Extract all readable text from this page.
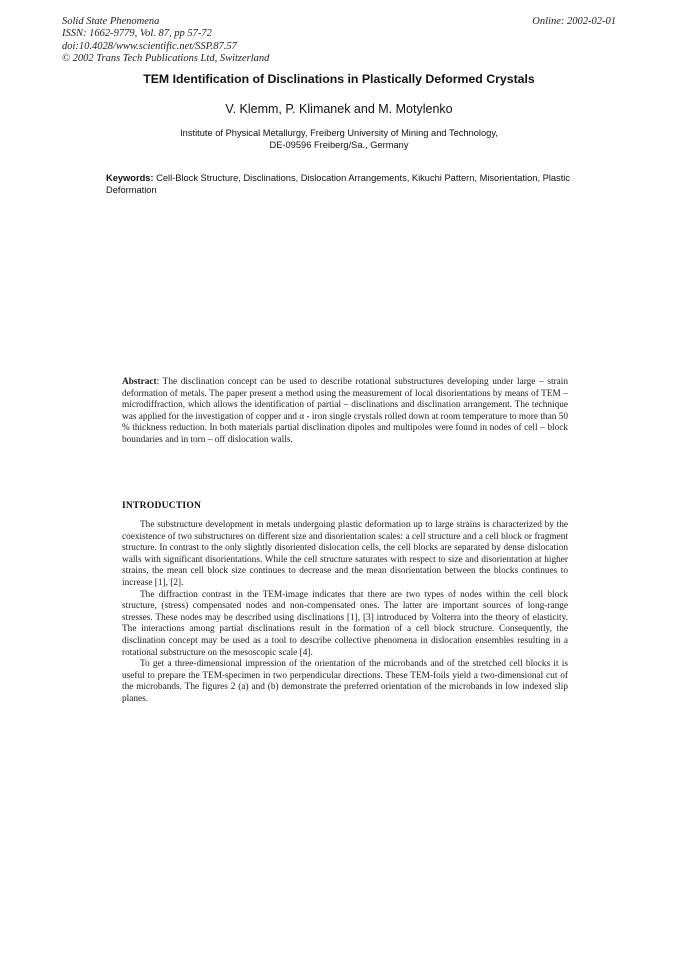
Solid State Phenomena
ISSN: 1662-9779, Vol. 87, pp 57-72
doi:10.4028/www.scientific.net/SSP.87.57
© 2002 Trans Tech Publications Ltd, Switzerland
Online: 2002-02-01
TEM Identification of Disclinations in Plastically Deformed Crystals
V. Klemm, P. Klimanek and M. Motylenko
Institute of Physical Metallurgy, Freiberg University of Mining and Technology,
DE-09596 Freiberg/Sa., Germany
Keywords: Cell-Block Structure, Disclinations, Dislocation Arrangements, Kikuchi Pattern, Misorientation, Plastic Deformation
Abstract: The disclination concept can be used to describe rotational substructures developing under large – strain deformation of metals. The paper present a method using the measurement of local disorientations by means of TEM – microdiffraction, which allows the identification of partial – disclinations and disclination arrangement. The technique was applied for the investigation of copper and α - iron single crystals rolled down at room temperature to more than 50 % thickness reduction. In both materials partial disclination dipoles and multipoles were found in nodes of cell – block boundaries and in torn – off dislocation walls.
INTRODUCTION

The substructure development in metals undergoing plastic deformation up to large strains is characterized by the coexistence of two substructures on different size and disorientation scales: a cell structure and a cell block or fragment structure. In contrast to the only slightly disoriented dislocation cells, the cell blocks are separated by dense dislocation walls with significant disorientations. While the cell structure saturates with respect to size and disorientation at higher strains, the mean cell block size continues to decrease and the mean disorientation between the blocks continues to increase [1], [2].

The diffraction contrast in the TEM-image indicates that there are two types of nodes within the cell block structure, (stress) compensated nodes and non-compensated ones. The latter are important sources of long-range stresses. These nodes may be described using disclinations [1], [3] introduced by Volterra into the theory of elasticity. The interactions among partial disclinations result in the formation of a cell block structure. Consequently, the disclination concept may be used as a tool to describe collective phenomena in dislocation ensembles resulting in a rotational substructure on the mesoscopic scale [4].

To get a three-dimensional impression of the orientation of the microbands and of the stretched cell blocks it is useful to prepare the TEM-specimen in two perpendicular directions. These TEM-foils yield a two-dimensional cut of the microbands. The figures 2 (a) and (b) demonstrate the preferred orientation of the microbands in low indexed slip planes.
